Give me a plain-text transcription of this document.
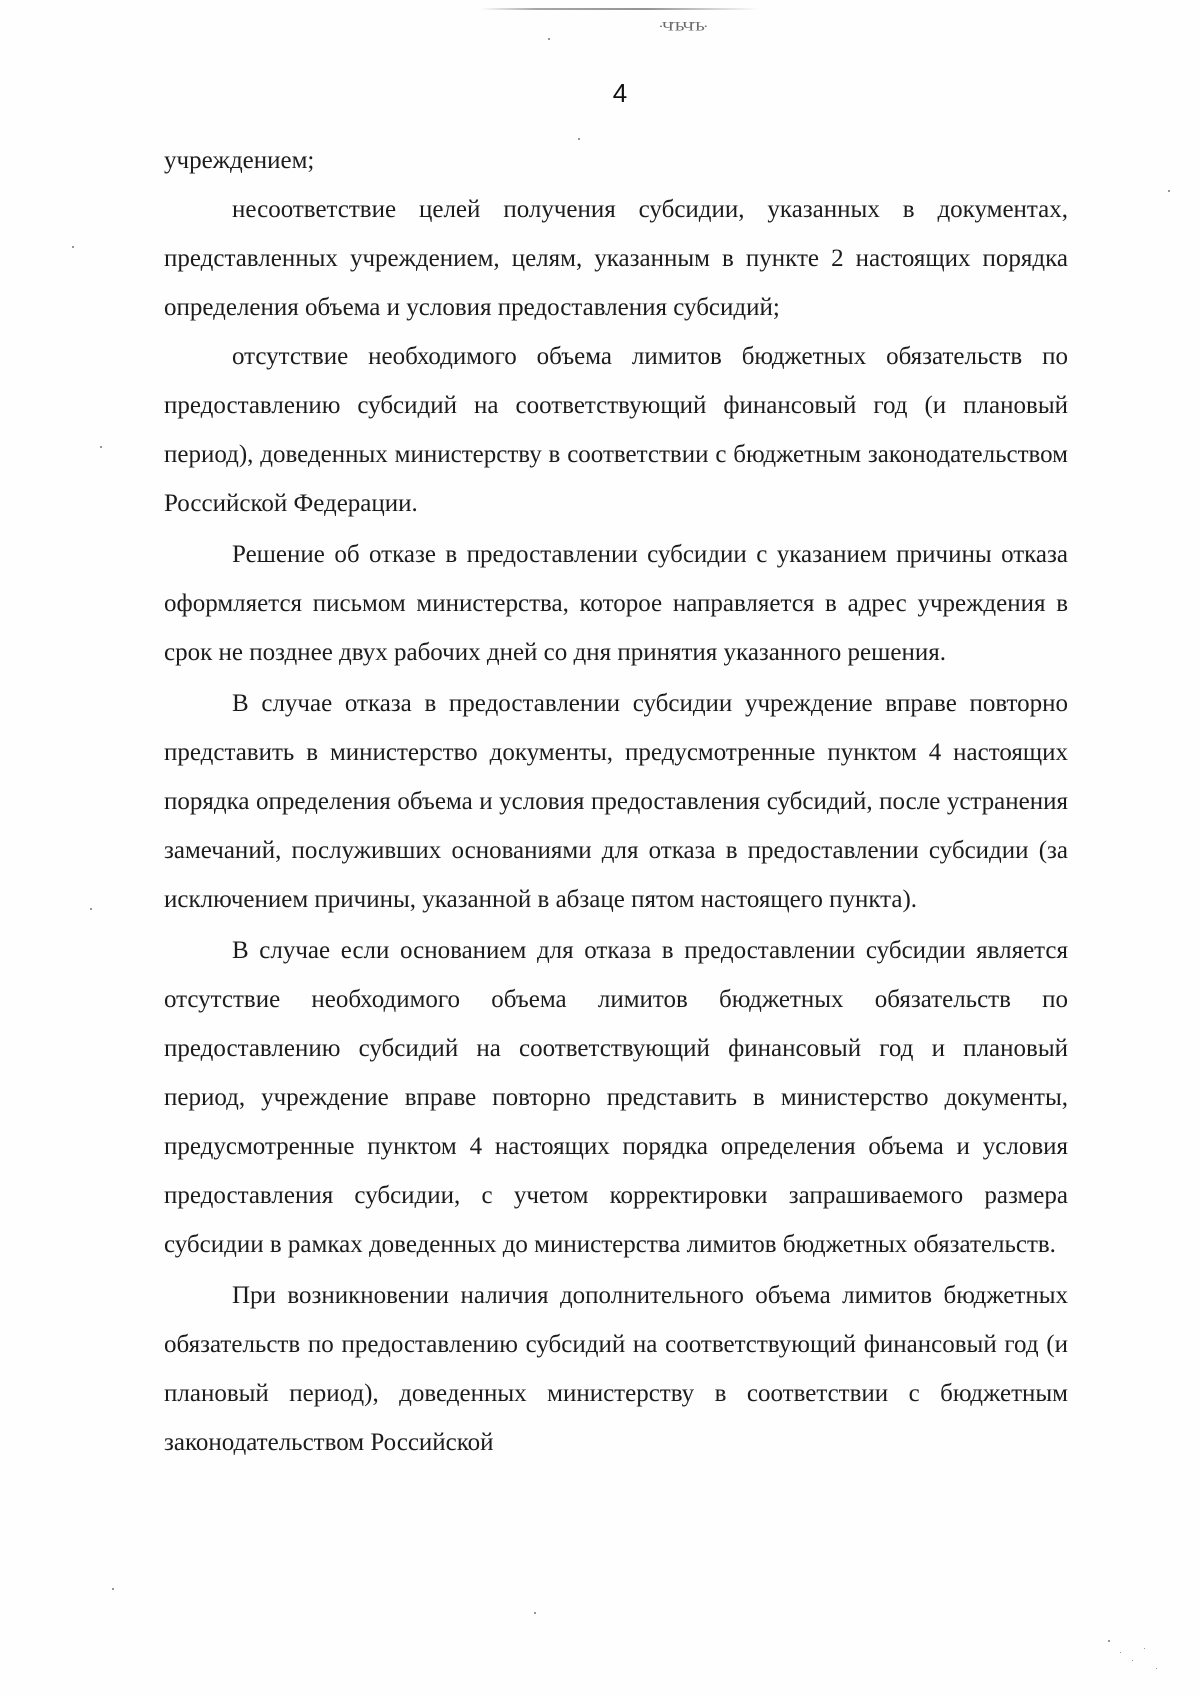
·ЧЪЧЪ·
4

учреждением;

несоответствие целей получения субсидии, указанных в документах, представленных учреждением, целям, указанным в пункте 2 настоящих порядка определения объема и условия предоставления субсидий;

отсутствие необходимого объема лимитов бюджетных обязательств по предоставлению субсидий на соответствующий финансовый год (и плановый период), доведенных министерству в соответствии с бюджетным законодательством Российской Федерации.

Решение об отказе в предоставлении субсидии с указанием причины отказа оформляется письмом министерства, которое направляется в адрес учреждения в срок не позднее двух рабочих дней со дня принятия указанного решения.

В случае отказа в предоставлении субсидии учреждение вправе повторно представить в министерство документы, предусмотренные пунктом 4 настоящих порядка определения объема и условия предоставления субсидий, после устранения замечаний, послуживших основаниями для отказа в предоставлении субсидии (за исключением причины, указанной в абзаце пятом настоящего пункта).

В случае если основанием для отказа в предоставлении субсидии является отсутствие необходимого объема лимитов бюджетных обязательств по предоставлению субсидий на соответствующий финансовый год и плановый период, учреждение вправе повторно представить в министерство документы, предусмотренные пунктом 4 настоящих порядка определения объема и условия предоставления субсидии, с учетом корректировки запрашиваемого размера субсидии в рамках доведенных до министерства лимитов бюджетных обязательств.

При возникновении наличия дополнительного объема лимитов бюджетных обязательств по предоставлению субсидий на соответствующий финансовый год (и плановый период), доведенных министерству в соответствии с бюджетным законодательством Российской
